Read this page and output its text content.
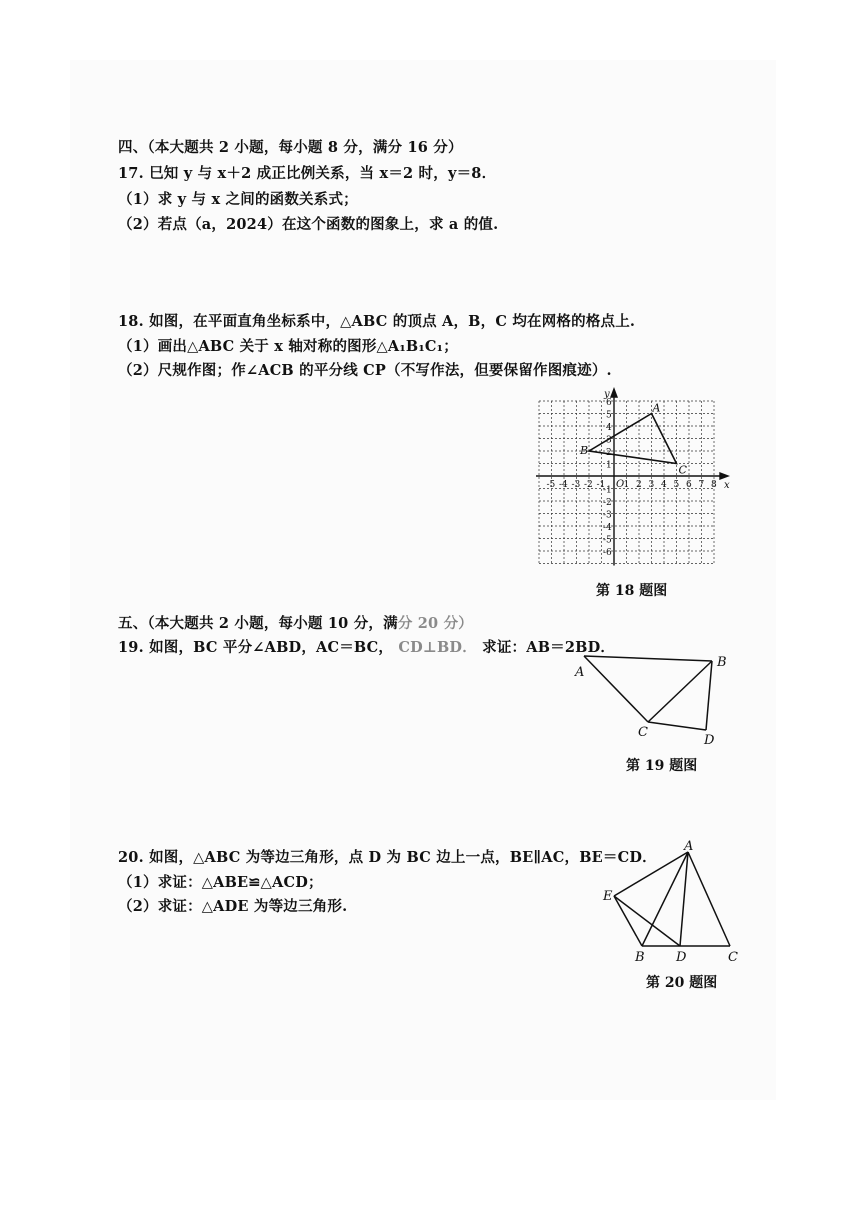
四、（本大题共 2 小题，每小题 8 分，满分 16 分）
17. 巳知 y 与 x＋2 成正比例关系，当 x＝2 时，y＝8．
（1）求 y 与 x 之间的函数关系式；
（2）若点（a，2024）在这个函数的图象上，求 a 的值.
18. 如图，在平面直角坐标系中，△ABC 的顶点 A，B，C 均在网格的格点上.
（1）画出△ABC 关于 x 轴对称的图形△A₁B₁C₁；
（2）尺规作图；作∠ACB 的平分线 CP（不写作法，但要保留作图痕迹）.
x
y
O
-5 -4 -3 -2 -1 1 2 3 4 5 6 7 8
6
5
4
3
2
1
-1
-2
-3
-4
-5
-6
A
B
C
第 18 题图
五、（本大题共 2 小题，每小题 10 分，满分 20 分）
19. 如图，BC 平分∠ABD，AC＝BC， CD⊥BD． 求证：AB＝2BD．
A
B
C
D
第 19 题图
20. 如图，△ABC 为等边三角形，点 D 为 BC 边上一点，BE∥AC，BE＝CD．
（1）求证：△ABE≌△ACD；
（2）求证：△ADE 为等边三角形.
A
B	C
D
E
第 20 题图
